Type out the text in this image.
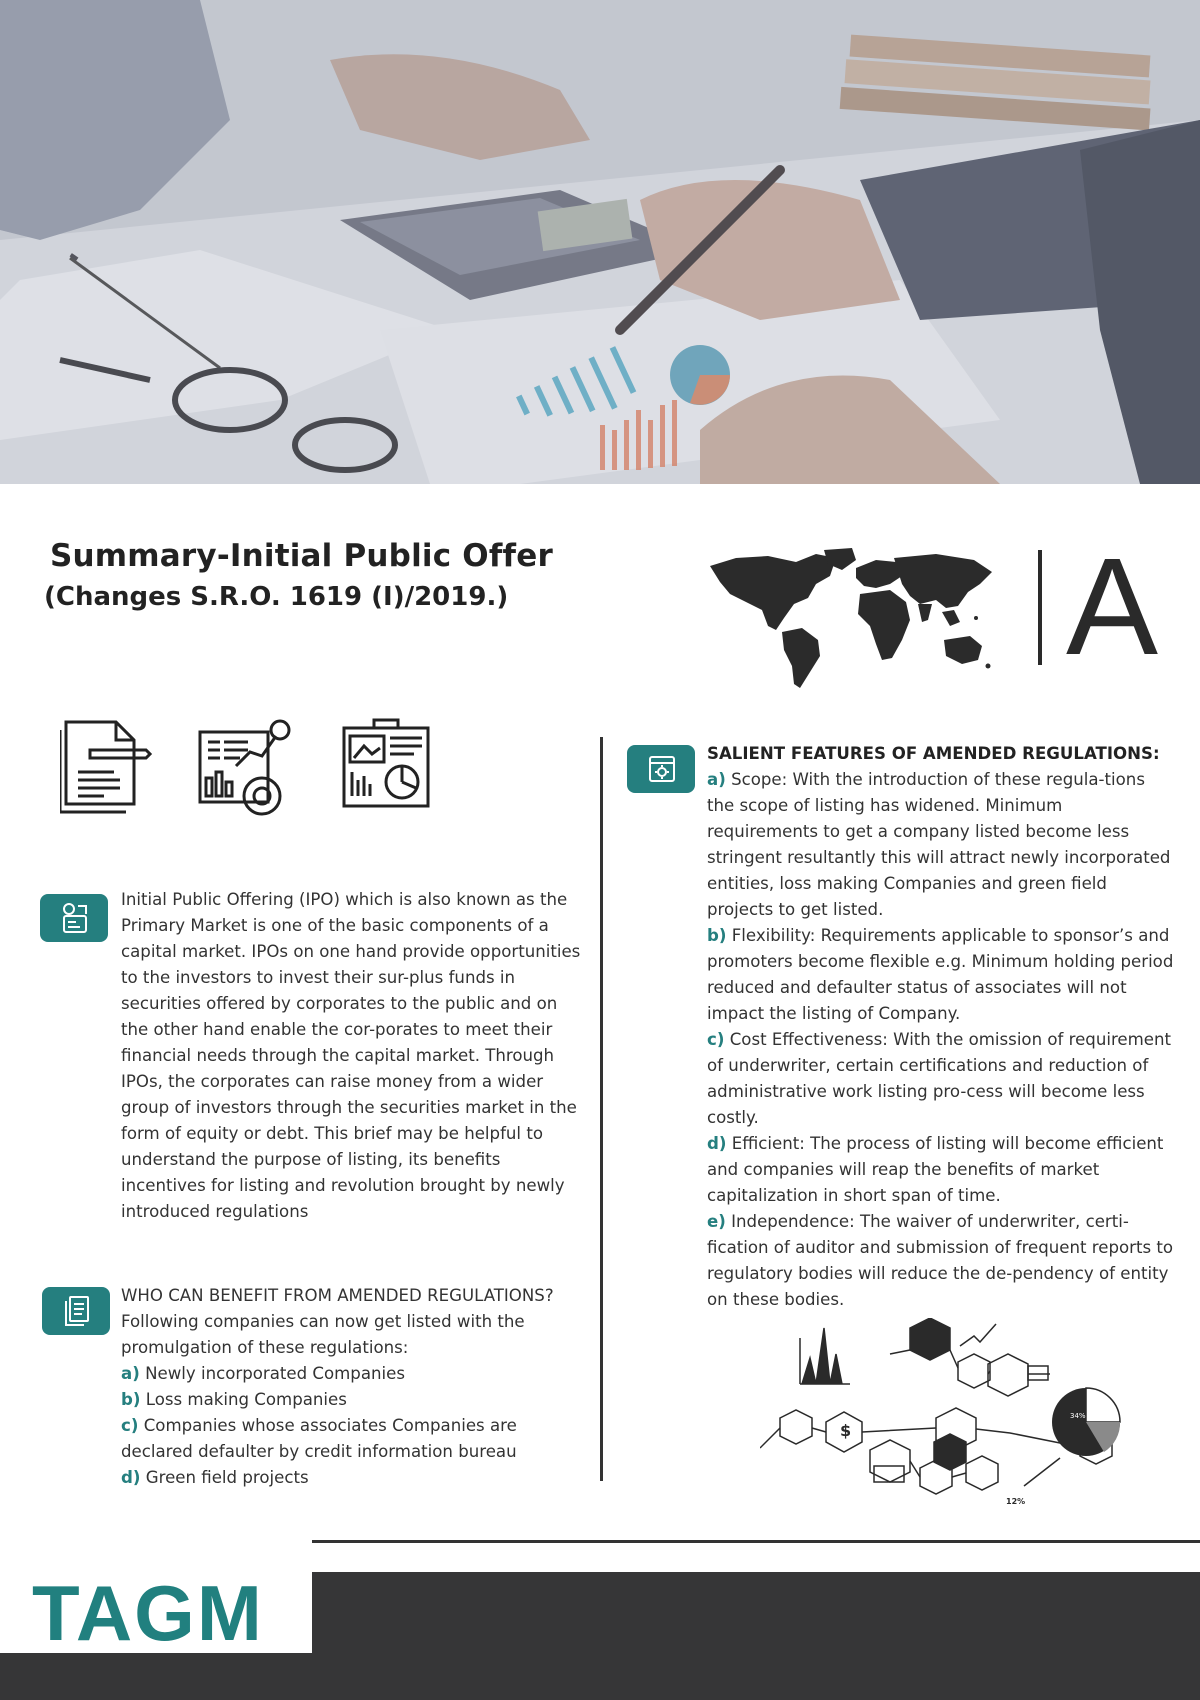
Summary-Initial Public Offer
(Changes S.R.O. 1619 (I)/2019.)	A

Initial Public Offering (IPO) which is also known as the Primary Market is one of the basic components of a capital market. IPOs on one hand provide opportunities to the investors to invest their sur-plus funds in securities offered by corporates to the public and on the other hand enable the cor-porates to meet their financial needs through the capital market. Through IPOs, the corporates can raise money from a wider group of investors through the securities market in the form of equity or debt. This brief may be helpful to understand the purpose of listing, its benefits incentives for listing and revolution brought by newly introduced regulations

WHO CAN BENEFIT FROM AMENDED REGULATIONS?

Following companies can now get listed with the promulgation of these regulations:

a) Newly incorporated Companies

b) Loss making Companies

c) Companies whose associates Companies are declared defaulter by credit information bureau

d) Green field projects

SALIENT FEATURES OF AMENDED REGULATIONS:

a) Scope: With the introduction of these regula-tions the scope of listing has widened. Minimum requirements to get a company listed become less stringent resultantly this will attract newly incorporated entities, loss making Companies and green field projects to get listed.

b) Flexibility: Requirements applicable to sponsor’s and promoters become flexible e.g. Minimum holding period reduced and defaulter status of associates will not impact the listing of Company.

c) Cost Effectiveness: With the omission of requirement of underwriter, certain certifications and reduction of administrative work listing pro-cess will become less costly.

d) Efficient: The process of listing will become efficient and companies will reap the benefits of market capitalization in short span of time.

e) Independence: The waiver of underwriter, certi-fication of auditor and submission of frequent reports to regulatory bodies will reduce the de-pendency of entity on these bodies.

$
34%
12%
TAGM
